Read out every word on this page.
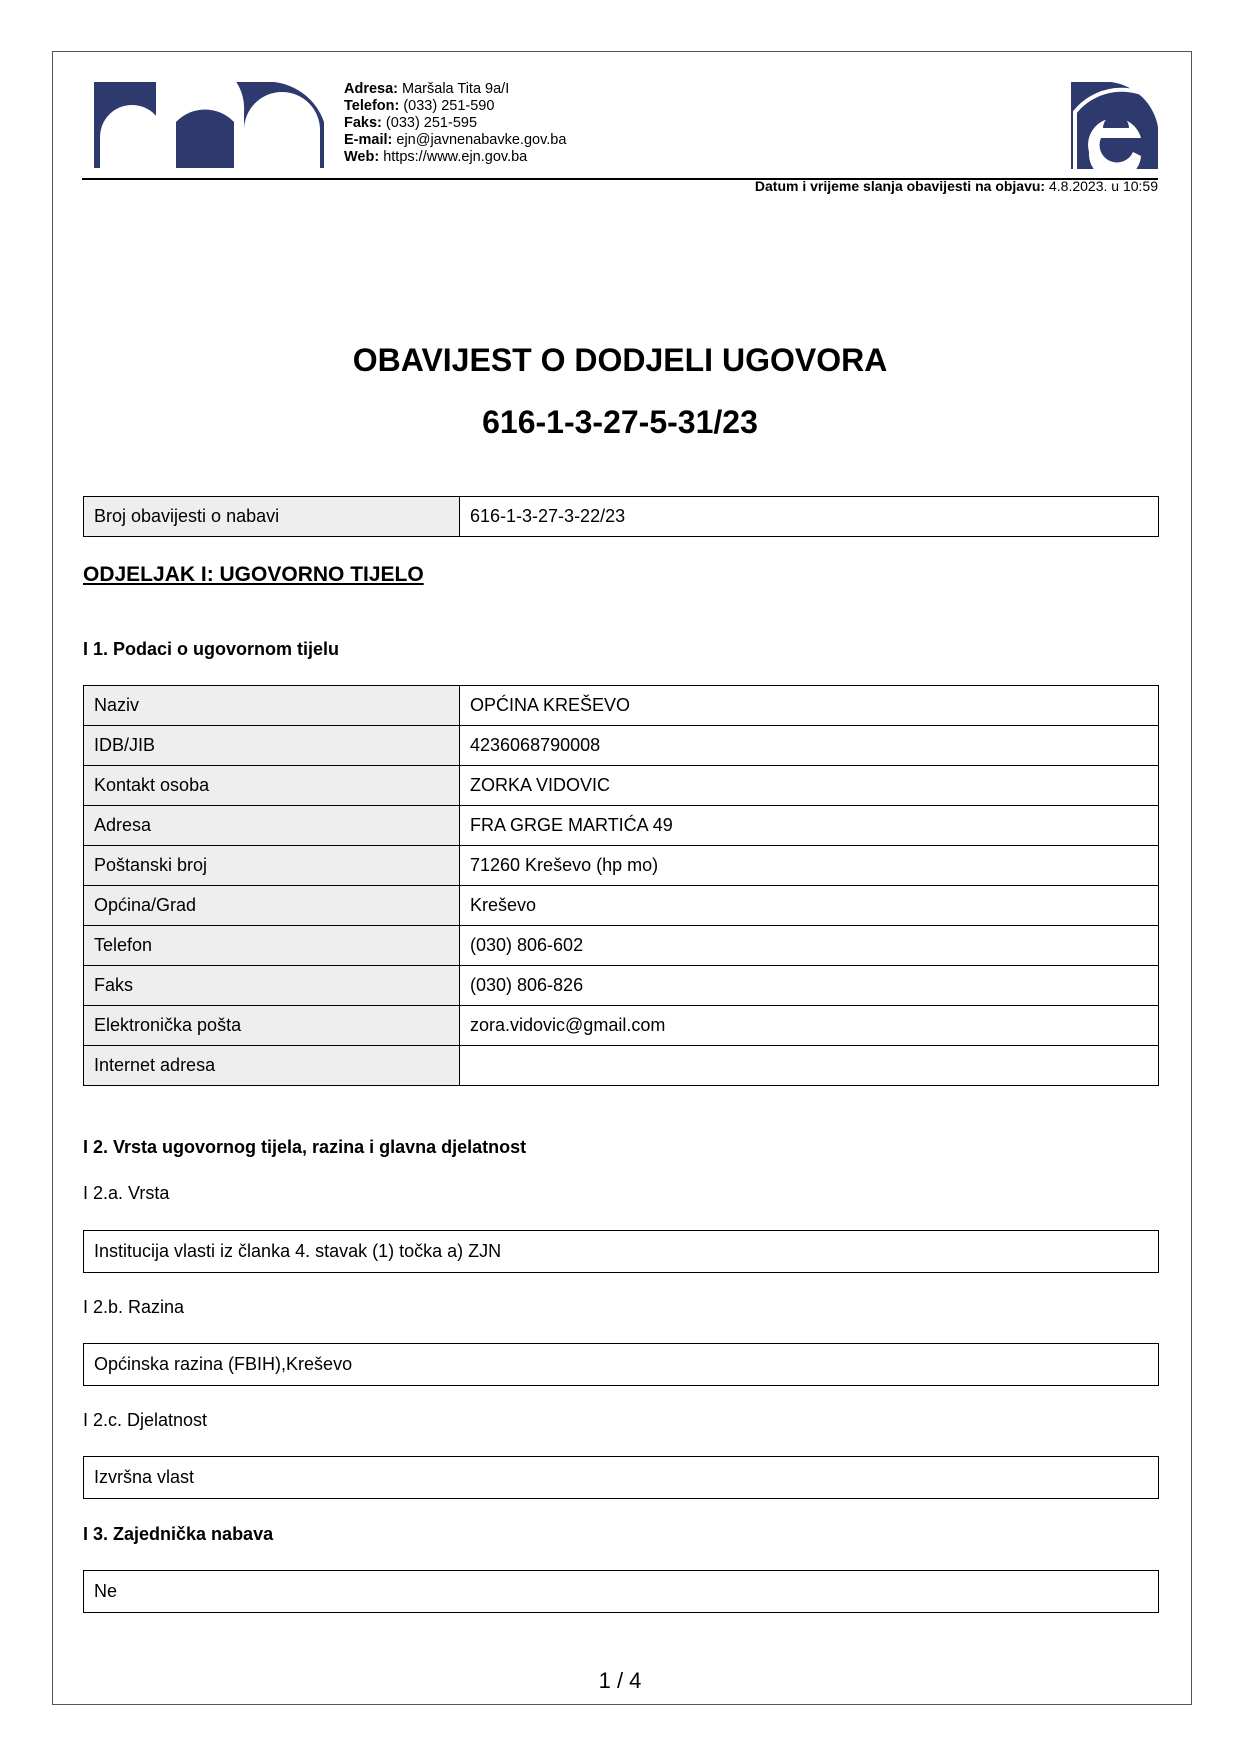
Adresa: Maršala Tita 9a/I
Telefon: (033) 251-590
Faks: (033) 251-595
E-mail: ejn@javnenabavke.gov.ba
Web: https://www.ejn.gov.ba
Datum i vrijeme slanja obavijesti na objavu: 4.8.2023. u 10:59
OBAVIJEST O DODJELI UGOVORA
616-1-3-27-5-31/23
Broj obavijesti o nabavi	616-1-3-27-3-22/23
ODJELJAK I: UGOVORNO TIJELO
I 1. Podaci o ugovornom tijelu
Naziv	OPĆINA KREŠEVO
IDB/JIB	4236068790008
Kontakt osoba	ZORKA VIDOVIC
Adresa	FRA GRGE MARTIĆA 49
Poštanski broj	71260 Kreševo (hp mo)
Općina/Grad	Kreševo
Telefon	(030) 806-602
Faks	(030) 806-826
Elektronička pošta	zora.vidovic@gmail.com
Internet adresa	
I 2. Vrsta ugovornog tijela, razina i glavna djelatnost
I 2.a. Vrsta
Institucija vlasti iz članka 4. stavak (1) točka a) ZJN
I 2.b. Razina
Općinska razina (FBIH),Kreševo
I 2.c. Djelatnost
Izvršna vlast
I 3. Zajednička nabava
Ne
1 / 4
